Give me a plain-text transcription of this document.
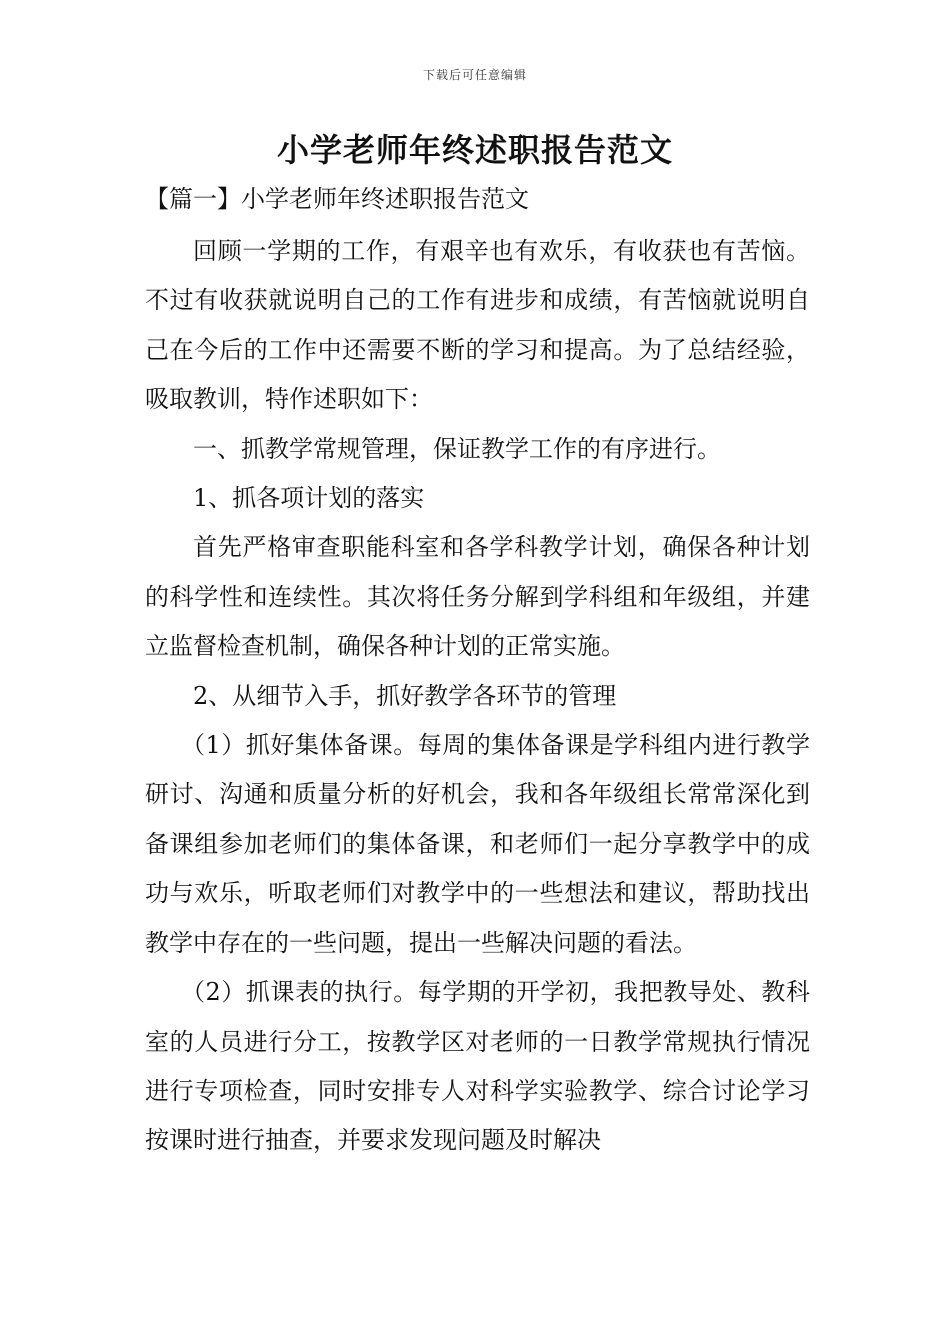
下载后可任意编辑
小学老师年终述职报告范文
【篇一】小学老师年终述职报告范文

回顾一学期的工作，有艰辛也有欢乐，有收获也有苦恼。不过有收获就说明自己的工作有进步和成绩，有苦恼就说明自己在今后的工作中还需要不断的学习和提高。为了总结经验，吸取教训，特作述职如下：

一、抓教学常规管理，保证教学工作的有序进行。

1、抓各项计划的落实

首先严格审查职能科室和各学科教学计划，确保各种计划的科学性和连续性。其次将任务分解到学科组和年级组，并建立监督检查机制，确保各种计划的正常实施。

2、从细节入手，抓好教学各环节的管理

（1）抓好集体备课。每周的集体备课是学科组内进行教学研讨、沟通和质量分析的好机会，我和各年级组长常常深化到备课组参加老师们的集体备课，和老师们一起分享教学中的成功与欢乐，听取老师们对教学中的一些想法和建议，帮助找出教学中存在的一些问题，提出一些解决问题的看法。

（2）抓课表的执行。每学期的开学初，我把教导处、教科室的人员进行分工，按教学区对老师的一日教学常规执行情况进行专项检查，同时安排专人对科学实验教学、综合讨论学习按课时进行抽查，并要求发现问题及时解决
